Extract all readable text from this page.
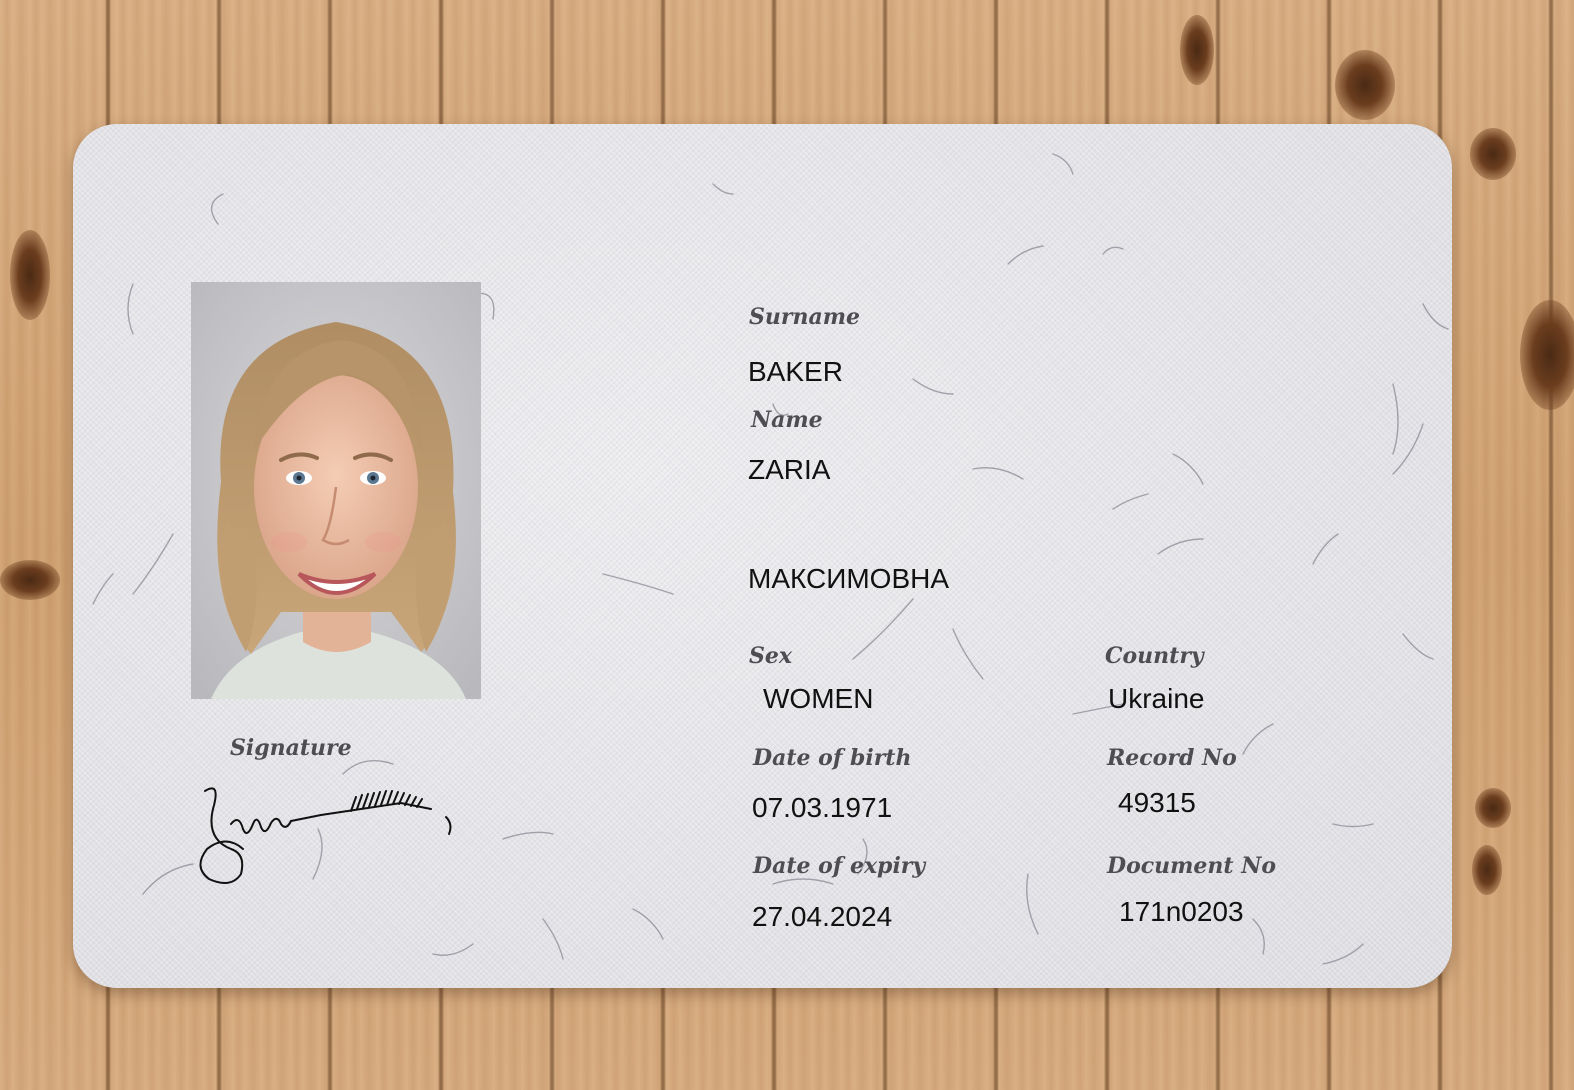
Surname
BAKER
Name
ZARIA
МАКСИМОВНА
Sex
WOMEN
Country
Ukraine
Date of birth
07.03.1971
Record No
49315
Date of expiry
27.04.2024
Document No
171n0203
Signature
